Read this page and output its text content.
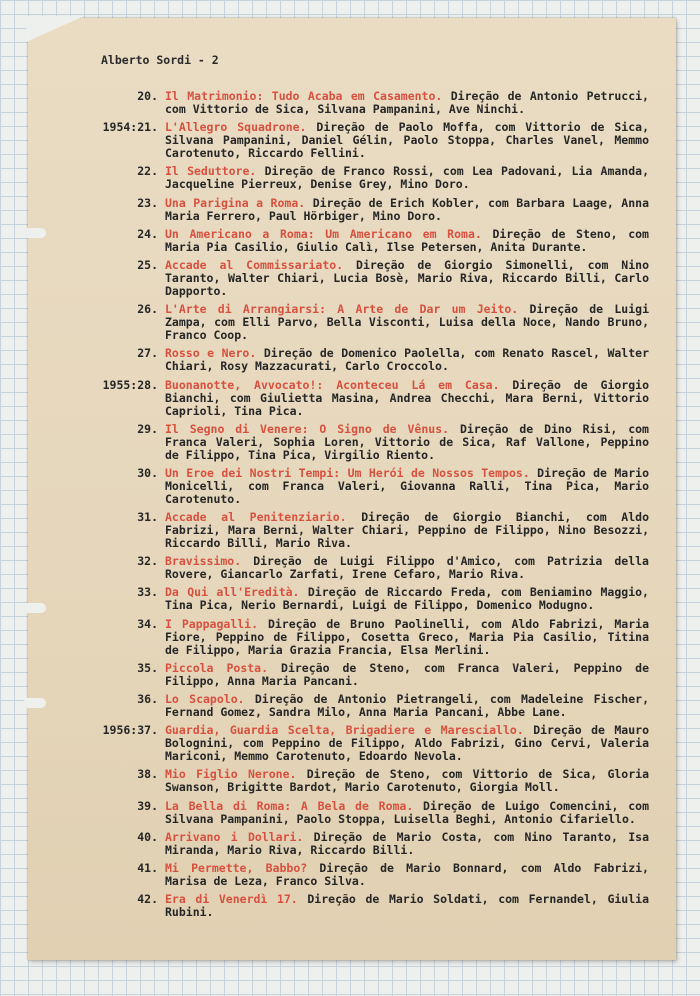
Alberto Sordi - 2
20. Il Matrimonio: Tudo Acaba em Casamento. Direção de Antonio Petrucci, com Vittorio de Sica, Silvana Pampanini, Ave Ninchi.
1954:21. L'Allegro Squadrone. Direção de Paolo Moffa, com Vittorio de Sica, Silvana Pampanini, Daniel Gélin, Paolo Stoppa, Charles Vanel, Memmo Carotenuto, Riccardo Fellini.
22. Il Seduttore. Direção de Franco Rossi, com Lea Padovani, Lia Amanda, Jacqueline Pierreux, Denise Grey, Mino Doro.
23. Una Parigina a Roma. Direção de Erich Kobler, com Barbara Laage, Anna Maria Ferrero, Paul Hörbiger, Mino Doro.
24. Un Americano a Roma: Um Americano em Roma. Direção de Steno, com Maria Pia Casilio, Giulio Calì, Ilse Petersen, Anita Durante.
25. Accade al Commissariato. Direção de Giorgio Simonelli, com Nino Taranto, Walter Chiari, Lucia Bosè, Mario Riva, Riccardo Billi, Carlo Dapporto.
26. L'Arte di Arrangiarsi: A Arte de Dar um Jeito. Direção de Luigi Zampa, com Elli Parvo, Bella Visconti, Luisa della Noce, Nando Bruno, Franco Coop.
27. Rosso e Nero. Direção de Domenico Paolella, com Renato Rascel, Walter Chiari, Rosy Mazzacurati, Carlo Croccolo.
1955:28. Buonanotte, Avvocato!: Aconteceu Lá em Casa. Direção de Giorgio Bianchi, com Giulietta Masina, Andrea Checchi, Mara Berni, Vittorio Caprioli, Tina Pica.
29. Il Segno di Venere: O Signo de Vênus. Direção de Dino Risi, com Franca Valeri, Sophia Loren, Vittorio de Sica, Raf Vallone, Peppino de Filippo, Tina Pica, Virgilio Riento.
30. Un Eroe dei Nostri Tempi: Um Herói de Nossos Tempos. Direção de Mario Monicelli, com Franca Valeri, Giovanna Ralli, Tina Pica, Mario Carotenuto.
31. Accade al Penitenziario. Direção de Giorgio Bianchi, com Aldo Fabrizi, Mara Berni, Walter Chiari, Peppino de Filippo, Nino Besozzi, Riccardo Billi, Mario Riva.
32. Bravissimo. Direção de Luigi Filippo d'Amico, com Patrizia della Rovere, Giancarlo Zarfati, Irene Cefaro, Mario Riva.
33. Da Qui all'Eredità. Direção de Riccardo Freda, com Beniamino Maggio, Tina Pica, Nerio Bernardi, Luigi de Filippo, Domenico Modugno.
34. I Pappagalli. Direção de Bruno Paolinelli, com Aldo Fabrizi, Maria Fiore, Peppino de Filippo, Cosetta Greco, Maria Pia Casilio, Titina de Filippo, Maria Grazia Francia, Elsa Merlini.
35. Piccola Posta. Direção de Steno, com Franca Valeri, Peppino de Filippo, Anna Maria Pancani.
36. Lo Scapolo. Direção de Antonio Pietrangeli, com Madeleine Fischer, Fernand Gomez, Sandra Milo, Anna Maria Pancani, Abbe Lane.
1956:37. Guardia, Guardia Scelta, Brigadiere e Maresciallo. Direção de Mauro Bolognini, com Peppino de Filippo, Aldo Fabrizi, Gino Cervi, Valeria Mariconi, Memmo Carotenuto, Edoardo Nevola.
38. Mio Figlio Nerone. Direção de Steno, com Vittorio de Sica, Gloria Swanson, Brigitte Bardot, Mario Carotenuto, Giorgia Moll.
39. La Bella di Roma: A Bela de Roma. Direção de Luigo Comencini, com Silvana Pampanini, Paolo Stoppa, Luisella Beghi, Antonio Cifariello.
40. Arrivano i Dollari. Direção de Mario Costa, com Nino Taranto, Isa Miranda, Mario Riva, Riccardo Billi.
41. Mi Permette, Babbo? Direção de Mario Bonnard, com Aldo Fabrizi, Marisa de Leza, Franco Silva.
42. Era di Venerdì 17. Direção de Mario Soldati, com Fernandel, Giulia Rubini.
